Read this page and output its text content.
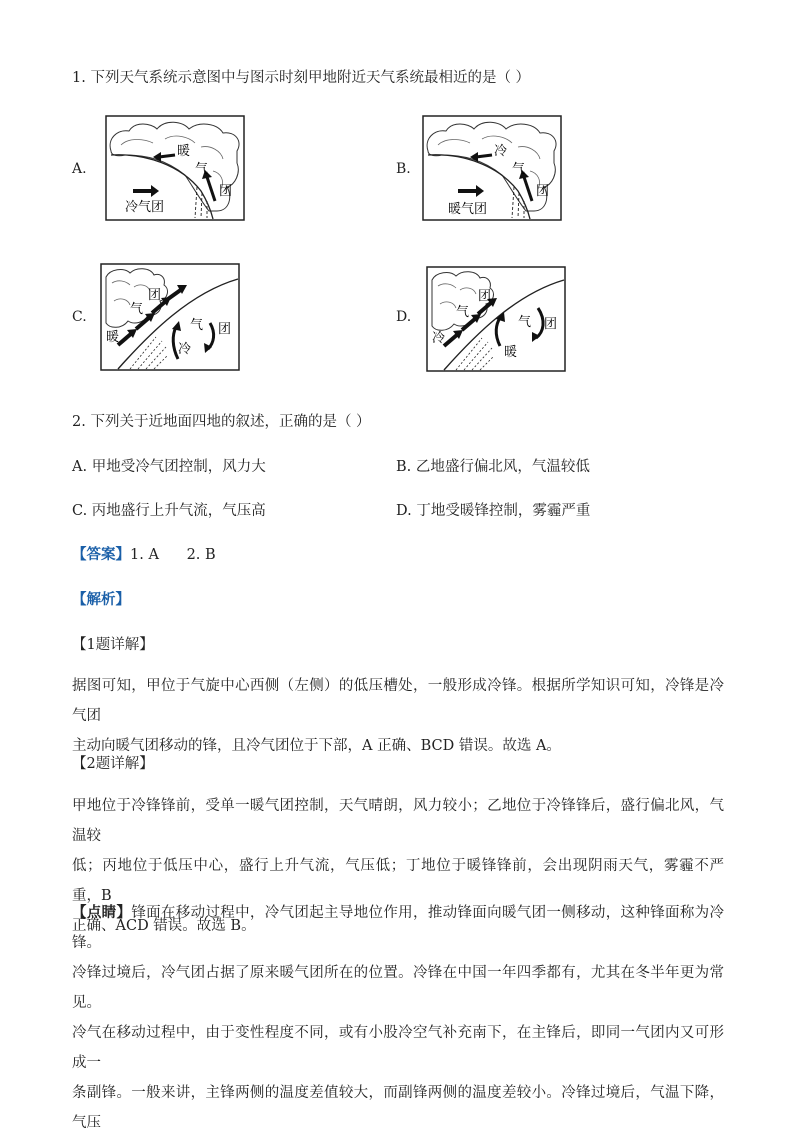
1. 下列天气系统示意图中与图示时刻甲地附近天气系统最相近的是（ ）
A.
暖
气
团
冷气团
B.
冷
气
团
暖气团
C.
团
气
暖
气 团
冷
D.
团
气
冷
气 团
暖
2. 下列关于近地面四地的叙述，正确的是（ ）
A. 甲地受冷气团控制，风力大	B. 乙地盛行偏北风，气温较低
C. 丙地盛行上升气流，气压高	D. 丁地受暖锋控制，雾霾严重
【答案】1. A      2. B
【解析】
【1题详解】
据图可知，甲位于气旋中心西侧（左侧）的低压槽处，一般形成冷锋。根据所学知识可知，冷锋是冷气团
主动向暖气团移动的锋，且冷气团位于下部，A 正确、BCD 错误。故选 A。
【2题详解】
甲地位于冷锋锋前，受单一暖气团控制，天气晴朗，风力较小；乙地位于冷锋锋后，盛行偏北风，气温较
低；丙地位于低压中心，盛行上升气流，气压低；丁地位于暖锋锋前，会出现阴雨天气，雾霾不严重，B
正确、ACD 错误。故选 B。
【点睛】锋面在移动过程中，冷气团起主导地位作用，推动锋面向暖气团一侧移动，这种锋面称为冷锋。
冷锋过境后，冷气团占据了原来暖气团所在的位置。冷锋在中国一年四季都有，尤其在冬半年更为常见。
冷气在移动过程中，由于变性程度不同，或有小股冷空气补充南下，在主锋后，即同一气团内又可形成一
条副锋。一般来讲，主锋两侧的温度差值较大，而副锋两侧的温度差较小。冷锋过境后，气温下降，气压
